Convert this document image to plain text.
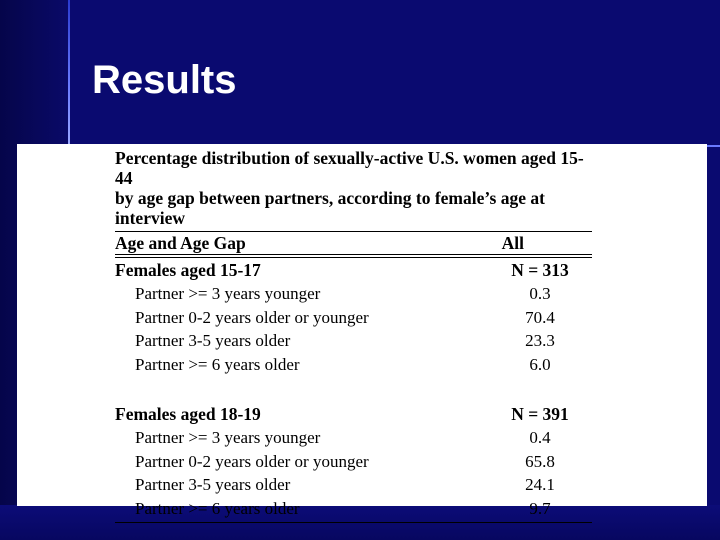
Results
Percentage distribution of sexually-active U.S. women aged 15-44
by age gap between partners, according to female’s age at interview
Age and Age Gap	All
Females aged 15-17	N = 313
Partner >= 3 years younger	0.3
Partner 0-2 years older or younger	70.4
Partner 3-5 years older	23.3
Partner >= 6 years older	6.0
Females aged 18-19	N = 391
Partner >= 3 years younger	0.4
Partner 0-2 years older or younger	65.8
Partner 3-5 years older	24.1
Partner >= 6 years older	9.7
